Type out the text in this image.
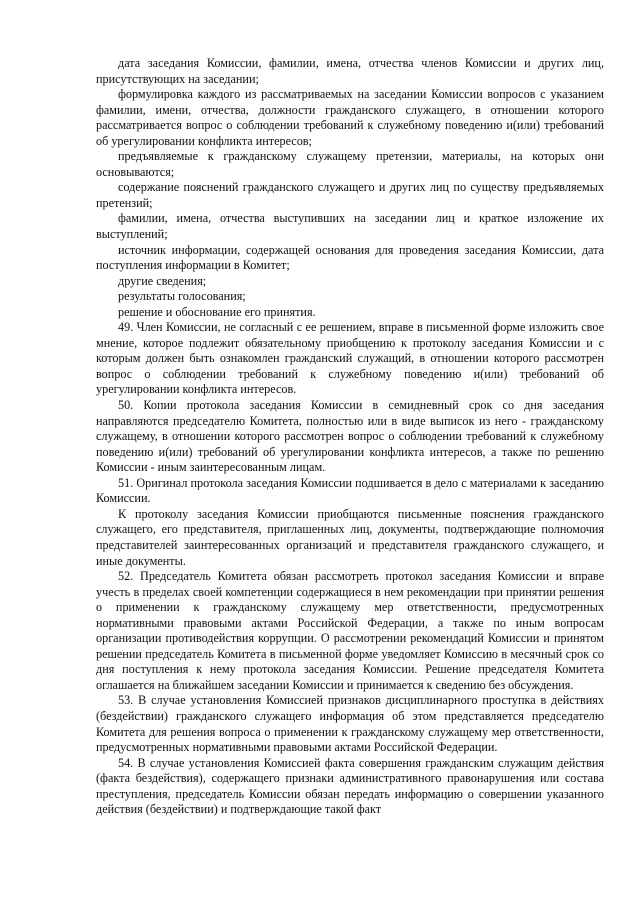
дата заседания Комиссии, фамилии, имена, отчества членов Комиссии и других лиц, присутствующих на заседании;

формулировка каждого из рассматриваемых на заседании Комиссии вопросов с указанием фамилии, имени, отчества, должности гражданского служащего, в отношении которого рассматривается вопрос о соблюдении требований к служебному поведению и(или) требований об урегулировании конфликта интересов;

предъявляемые к гражданскому служащему претензии, материалы, на которых они основываются;

содержание пояснений гражданского служащего и других лиц по существу предъявляемых претензий;

фамилии, имена, отчества выступивших на заседании лиц и краткое изложение их выступлений;

источник информации, содержащей основания для проведения заседания Комиссии, дата поступления информации в Комитет;

другие сведения;

результаты голосования;

решение и обоснование его принятия.

49. Член Комиссии, не согласный с ее решением, вправе в письменной форме изложить свое мнение, которое подлежит обязательному приобщению к протоколу заседания Комиссии и с которым должен быть ознакомлен гражданский служащий, в отношении которого рассмотрен вопрос о соблюдении требований к служебному поведению и(или) требований об урегулировании конфликта интересов.

50. Копии протокола заседания Комиссии в семидневный срок со дня заседания направляются председателю Комитета, полностью или в виде выписок из него - гражданскому служащему, в отношении которого рассмотрен вопрос о соблюдении требований к служебному поведению и(или) требований об урегулировании конфликта интересов, а также по решению Комиссии - иным заинтересованным лицам.

51. Оригинал протокола заседания Комиссии подшивается в дело с материалами к заседанию Комиссии.

К протоколу заседания Комиссии приобщаются письменные пояснения гражданского служащего, его представителя, приглашенных лиц, документы, подтверждающие полномочия представителей заинтересованных организаций и представителя гражданского служащего, и иные документы.

52. Председатель Комитета обязан рассмотреть протокол заседания Комиссии и вправе учесть в пределах своей компетенции содержащиеся в нем рекомендации при принятии решения о применении к гражданскому служащему мер ответственности, предусмотренных нормативными правовыми актами Российской Федерации, а также по иным вопросам организации противодействия коррупции. О рассмотрении рекомендаций Комиссии и принятом решении председатель Комитета в письменной форме уведомляет Комиссию в месячный срок со дня поступления к нему протокола заседания Комиссии. Решение председателя Комитета оглашается на ближайшем заседании Комиссии и принимается к сведению без обсуждения.

53. В случае установления Комиссией признаков дисциплинарного проступка в действиях (бездействии) гражданского служащего информация об этом представляется председателю Комитета для решения вопроса о применении к гражданскому служащему мер ответственности, предусмотренных нормативными правовыми актами Российской Федерации.

54. В случае установления Комиссией факта совершения гражданским служащим действия (факта бездействия), содержащего признаки административного правонарушения или состава преступления, председатель Комиссии обязан передать информацию о совершении указанного действия (бездействии) и подтверждающие такой факт
